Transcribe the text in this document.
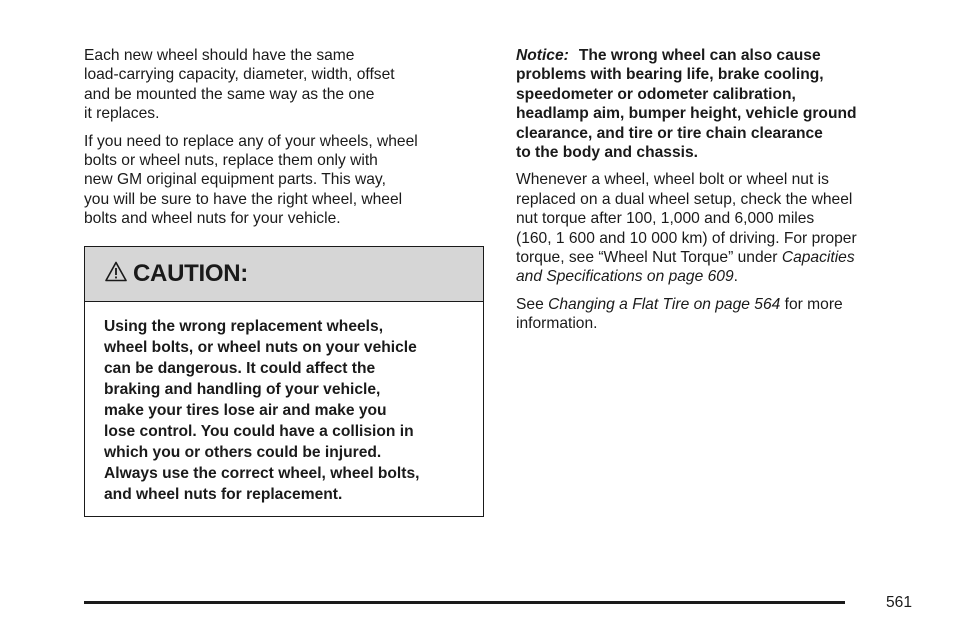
Each new wheel should have the same
load-carrying capacity, diameter, width, offset
and be mounted the same way as the one
it replaces.

If you need to replace any of your wheels, wheel
bolts or wheel nuts, replace them only with
new GM original equipment parts. This way,
you will be sure to have the right wheel, wheel
bolts and wheel nuts for your vehicle.

CAUTION:
Using the wrong replacement wheels,
wheel bolts, or wheel nuts on your vehicle
can be dangerous. It could affect the
braking and handling of your vehicle,
make your tires lose air and make you
lose control. You could have a collision in
which you or others could be injured.
Always use the correct wheel, wheel bolts,
and wheel nuts for replacement.

Notice: The wrong wheel can also cause
problems with bearing life, brake cooling,
speedometer or odometer calibration,
headlamp aim, bumper height, vehicle ground
clearance, and tire or tire chain clearance
to the body and chassis.

Whenever a wheel, wheel bolt or wheel nut is
replaced on a dual wheel setup, check the wheel
nut torque after 100, 1,000 and 6,000 miles
(160, 1 600 and 10 000 km) of driving. For proper
torque, see “Wheel Nut Torque” under Capacities
and Specifications on page 609.

See Changing a Flat Tire on page 564 for more
information.

561
